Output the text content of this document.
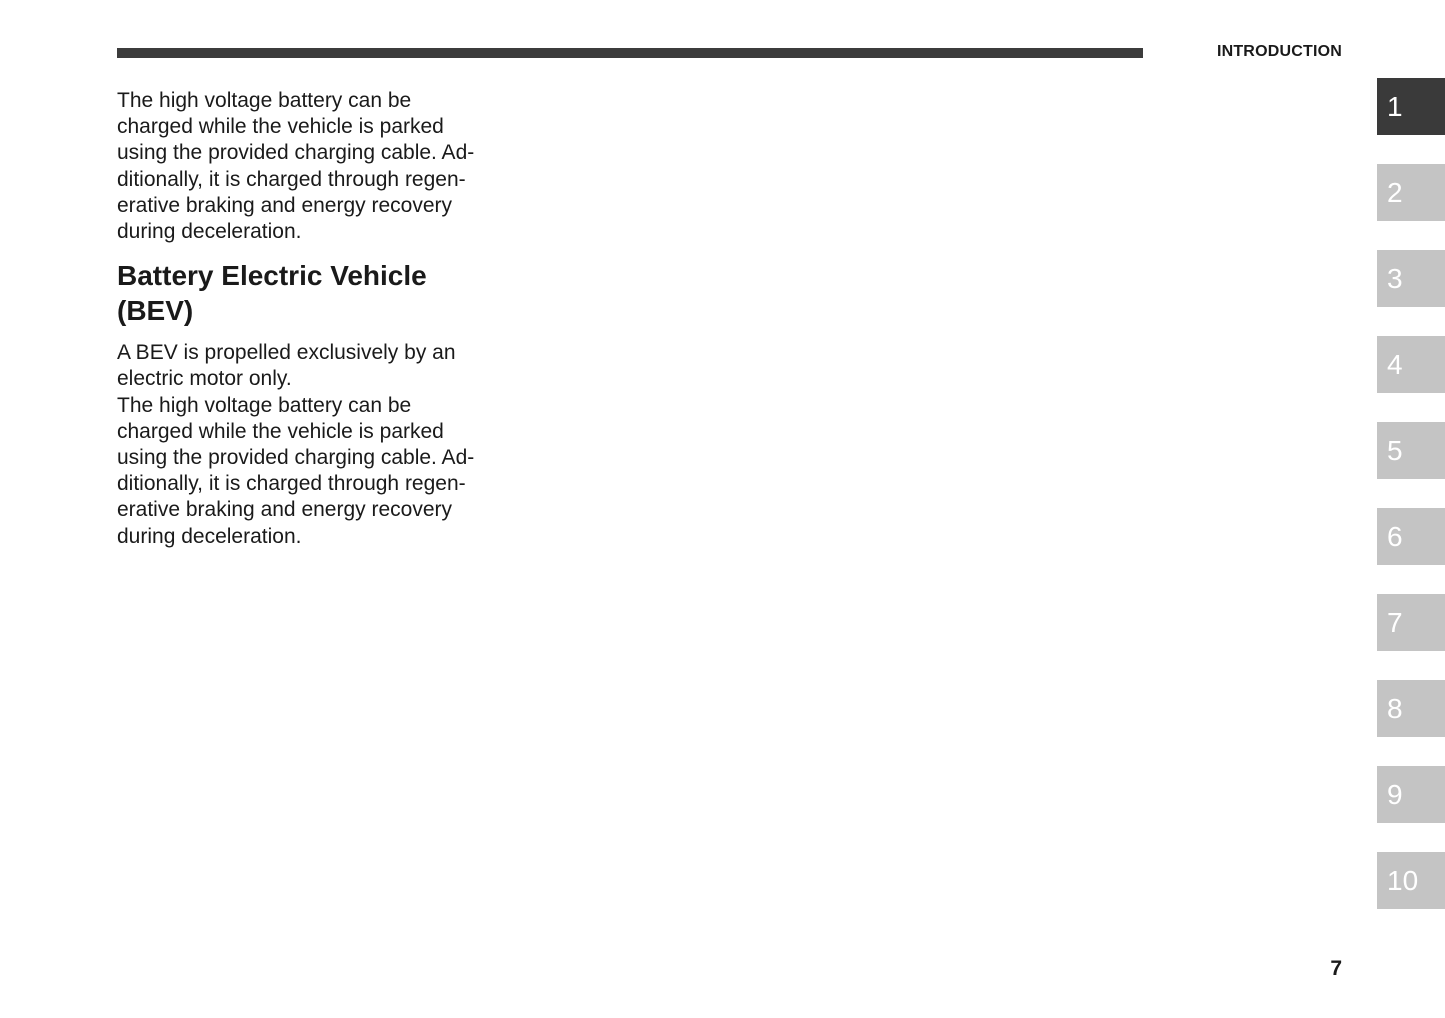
INTRODUCTION

The high voltage battery can be
charged while the vehicle is parked
using the provided charging cable. Ad-
ditionally, it is charged through regen-
erative braking and energy recovery
during deceleration.

Battery Electric Vehicle
(BEV)

A BEV is propelled exclusively by an
electric motor only.
The high voltage battery can be
charged while the vehicle is parked
using the provided charging cable. Ad-
ditionally, it is charged through regen-
erative braking and energy recovery
during deceleration.

1
2
3
4
5
6
7
8
9
10
7
